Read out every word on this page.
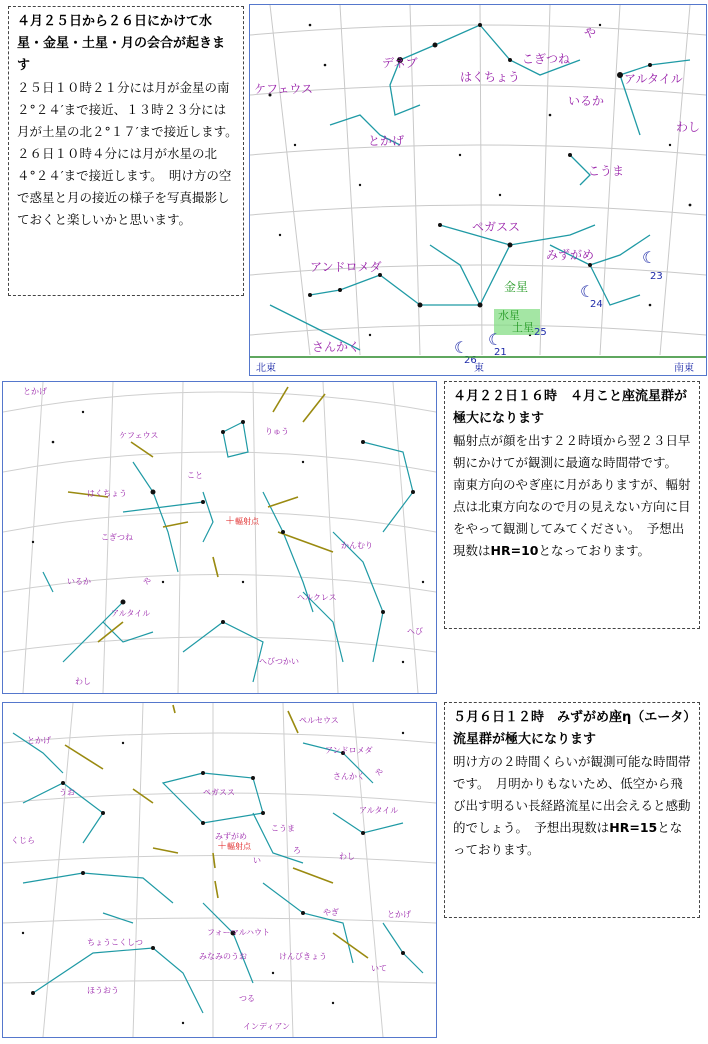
４月２５日から２６日にかけて水星・金星・土星・月の会合が起きます

２５日１０時２１分には月が金星の南２°２４′まで接近、１３時２３分には月が土星の北２°１７′まで接近します。　２６日１０時４分には月が水星の北４°２４′まで接近します。　明け方の空で惑星と月の接近の様子を写真撮影しておくと楽しいかと思います。

ケフェウス
デネブ
はくちょう
こぎつね
や
アルタイル
とかげ
いるか
わし
こうま
ペガスス
みずがめ
アンドロメダ
さんかく
金星
水星
土星
☾
23
☾
24
25
☾
21
☾
26
北東	東	南東
とかげ
りゅう
ケフェウス
こと
はくちょう
こぎつね
かんむり
いるか	や
ヘルクレス
アルタイル
へび
へびつかい
わし
＋ 輻射点
４月２２日１６時　４月こと座流星群が極大になります

輻射点が顔を出す２２時頃から翌２３日早朝にかけてが観測に最適な時間帯です。　南東方向のやぎ座に月がありますが、輻射点は北東方向なので月の見えない方向に目をやって観測してみてください。　予想出現数はHR=10となっております。

とかげ
ペルセウス
アンドロメダ
さんかく
うお
くじら
ペガスス
こうま
みずがめ
ちょうこくしつ
ほうおう
フォーマルハウト
みなみのうお
つる
インディアン
やぎ
けんびきょう
わし
アルタイル
いて
とかげ
い
ろ
や
＋ 輻射点
５月６日１２時　みずがめ座η（エータ）流星群が極大になります

明け方の２時間くらいが観測可能な時間帯です。　月明かりもないため、低空から飛び出す明るい長経路流星に出会えると感動的でしょう。　予想出現数はHR=15となっております。
